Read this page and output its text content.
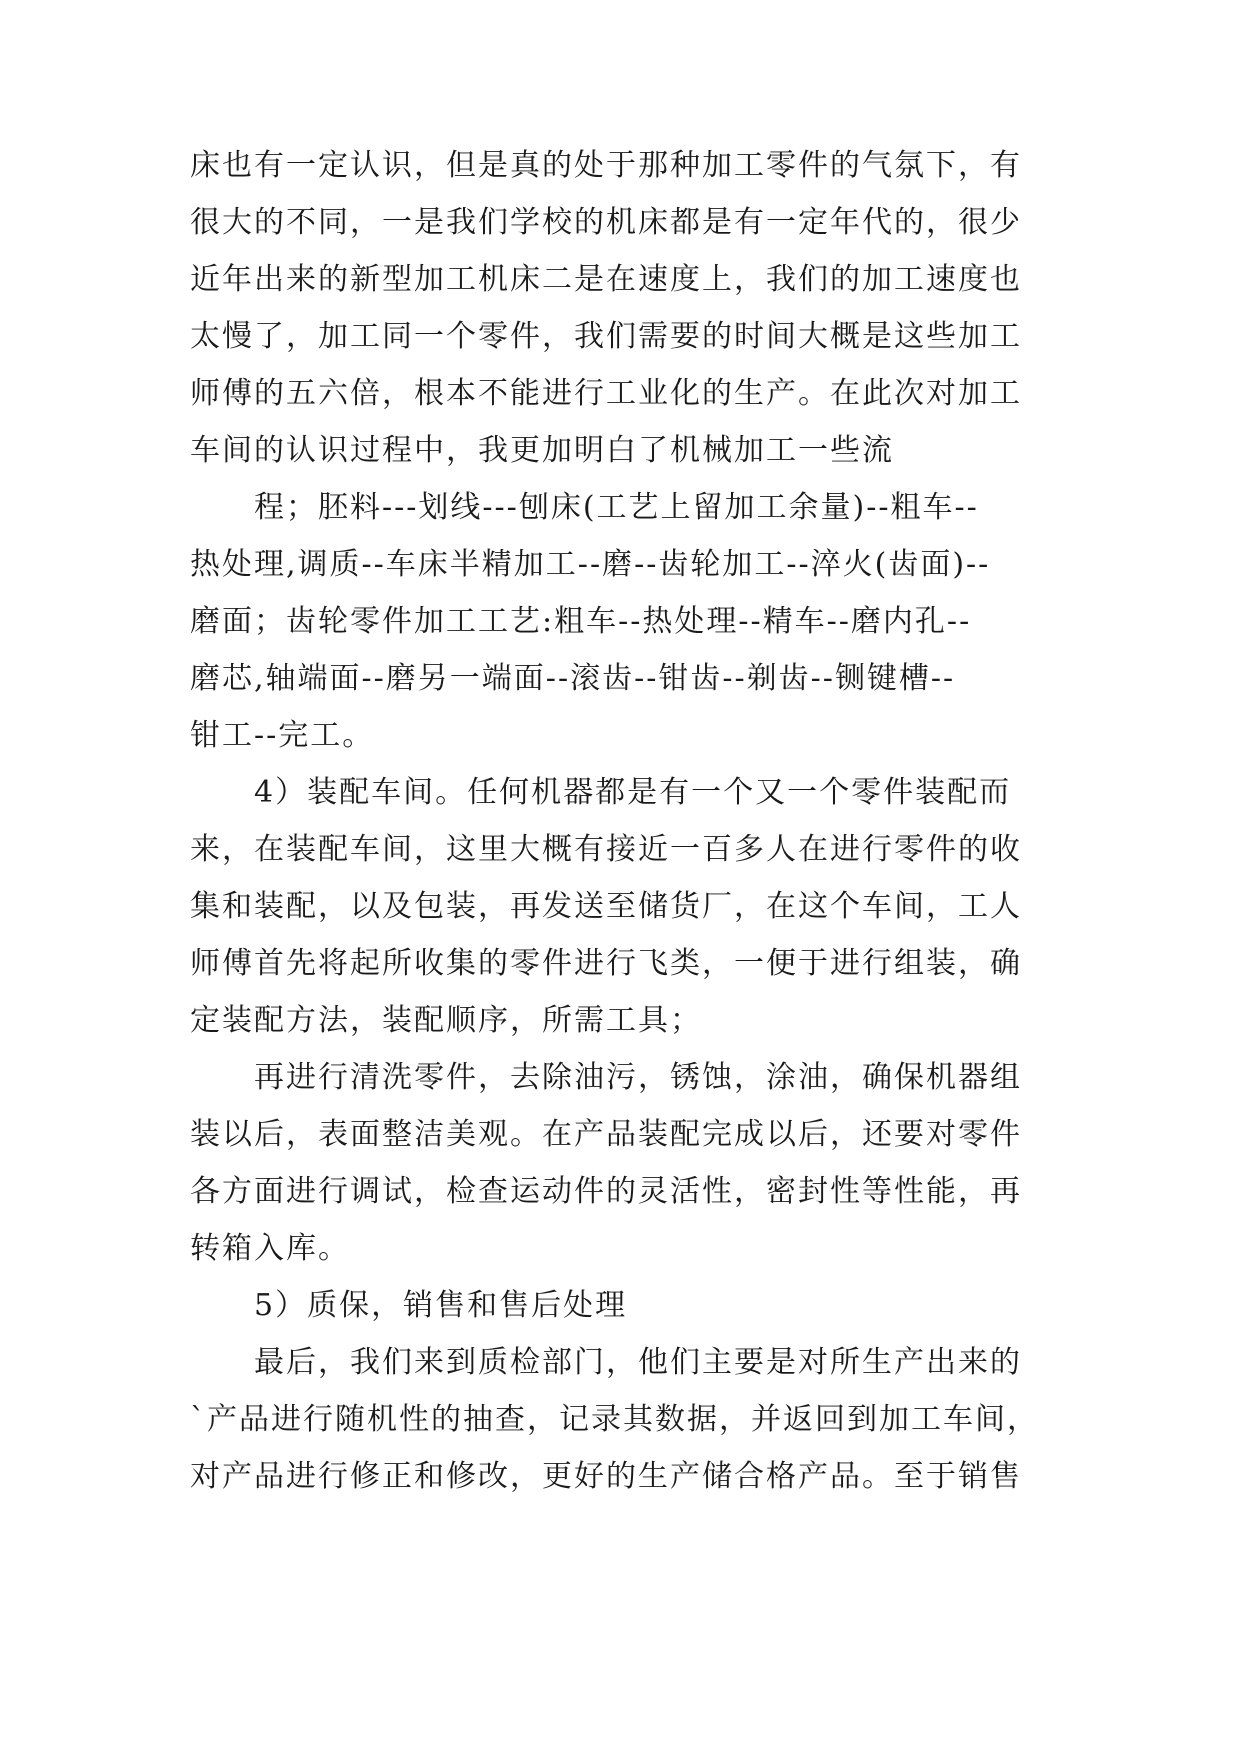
床也有一定认识，但是真的处于那种加工零件的气氛下，有
很大的不同，一是我们学校的机床都是有一定年代的，很少
近年出来的新型加工机床二是在速度上，我们的加工速度也
太慢了，加工同一个零件，我们需要的时间大概是这些加工
师傅的五六倍，根本不能进行工业化的生产。在此次对加工
车间的认识过程中，我更加明白了机械加工一些流
程；胚料---划线---刨床(工艺上留加工余量)--粗车--
热处理,调质--车床半精加工--磨--齿轮加工--淬火(齿面)--
磨面；齿轮零件加工工艺:粗车--热处理--精车--磨内孔--
磨芯,轴端面--磨另一端面--滚齿--钳齿--剃齿--铡键槽--
钳工--完工。
4）装配车间。任何机器都是有一个又一个零件装配而
来，在装配车间，这里大概有接近一百多人在进行零件的收
集和装配，以及包装，再发送至储货厂，在这个车间，工人
师傅首先将起所收集的零件进行飞类，一便于进行组装，确
定装配方法，装配顺序，所需工具；
再进行清洗零件，去除油污，锈蚀，涂油，确保机器组
装以后，表面整洁美观。在产品装配完成以后，还要对零件
各方面进行调试，检查运动件的灵活性，密封性等性能，再
转箱入库。
5）质保，销售和售后处理
最后，我们来到质检部门，他们主要是对所生产出来的
`产品进行随机性的抽查，记录其数据，并返回到加工车间，
对产品进行修正和修改，更好的生产储合格产品。至于销售
